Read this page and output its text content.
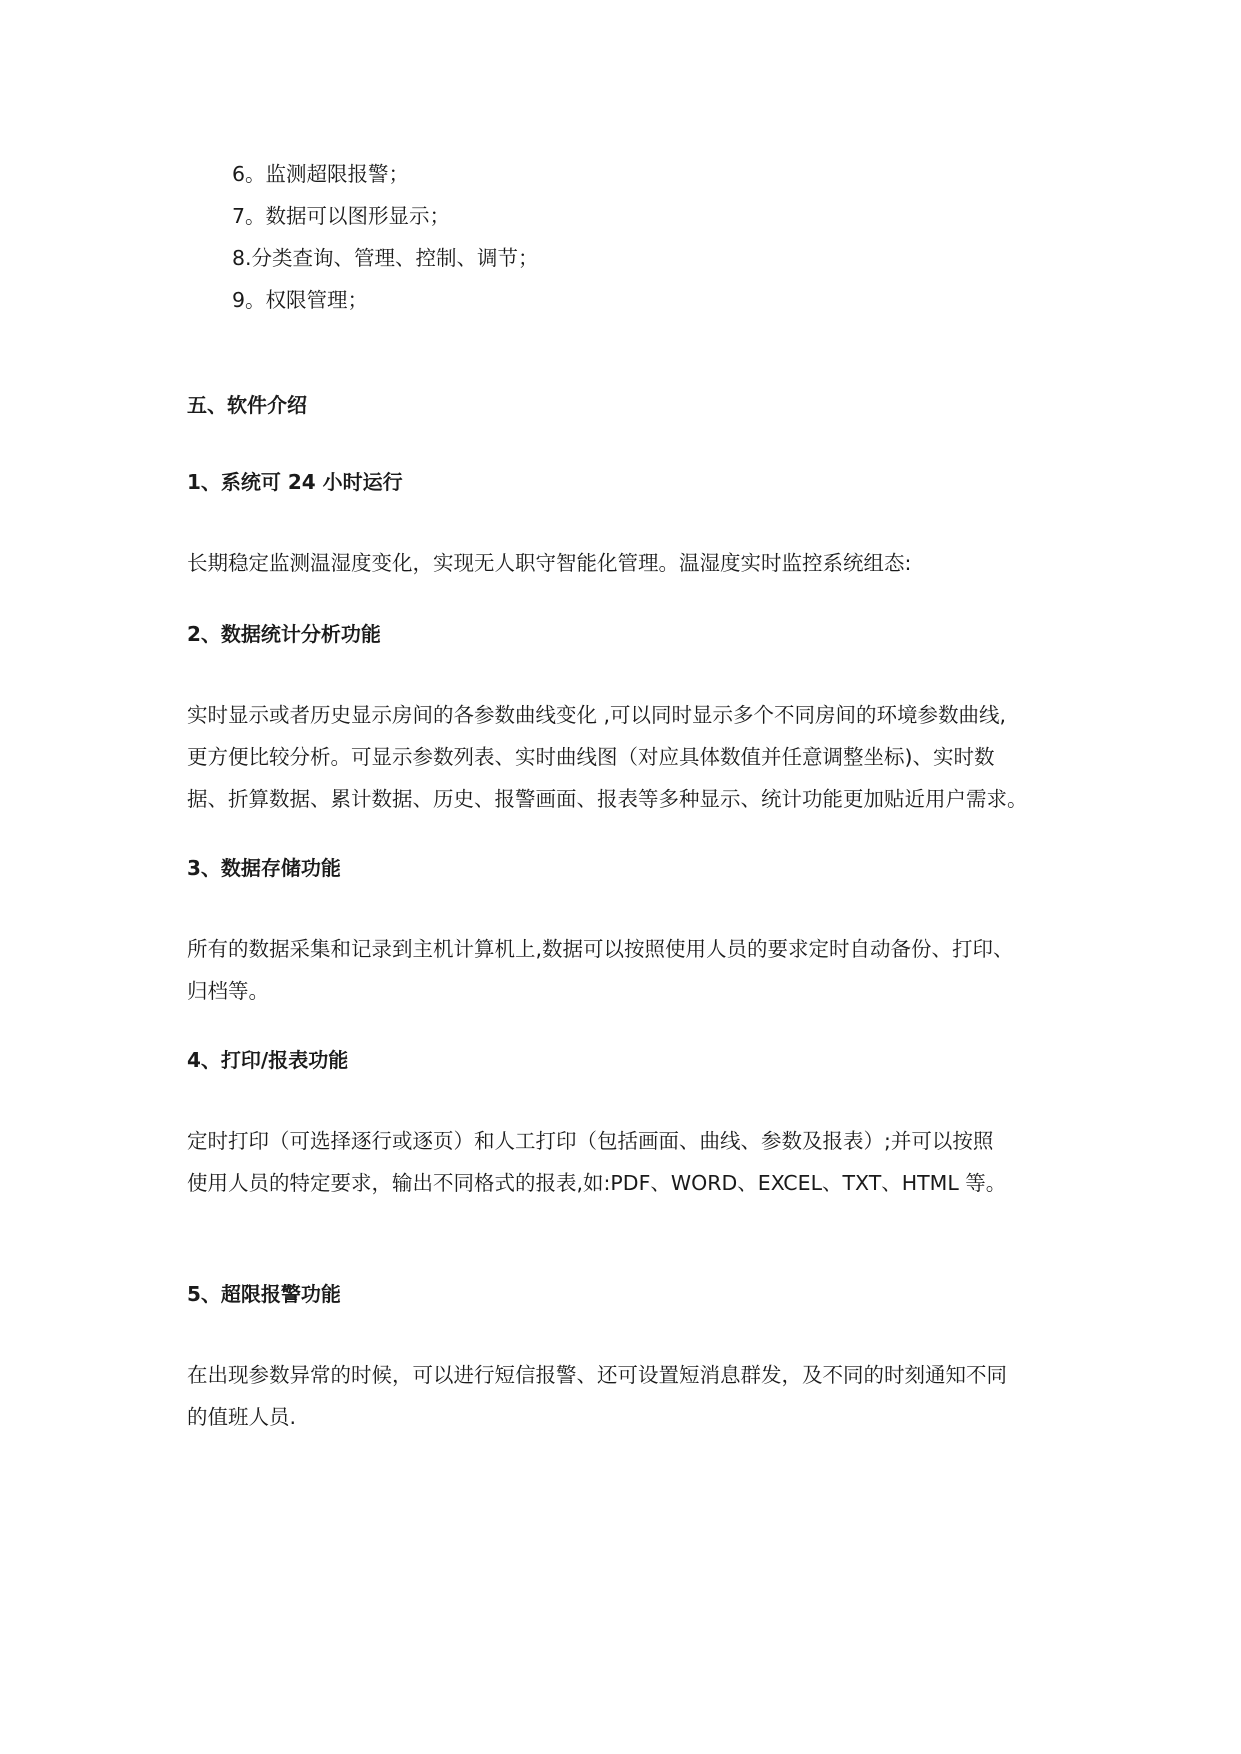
6。监测超限报警；
7。数据可以图形显示；
8.分类查询、管理、控制、调节；
9。权限管理；
五、软件介绍
1、系统可 24 小时运行
长期稳定监测温湿度变化，实现无人职守智能化管理。温湿度实时监控系统组态:
2、数据统计分析功能
实时显示或者历史显示房间的各参数曲线变化 ,可以同时显示多个不同房间的环境参数曲线,
更方便比较分析。可显示参数列表、实时曲线图（对应具体数值并任意调整坐标)、实时数
据、折算数据、累计数据、历史、报警画面、报表等多种显示、统计功能更加贴近用户需求。
3、数据存储功能
所有的数据采集和记录到主机计算机上,数据可以按照使用人员的要求定时自动备份、打印、
归档等。
4、打印/报表功能
定时打印（可选择逐行或逐页）和人工打印（包括画面、曲线、参数及报表）;并可以按照
使用人员的特定要求，输出不同格式的报表,如:PDF、WORD、EXCEL、TXT、HTML 等。
5、超限报警功能
在出现参数异常的时候，可以进行短信报警、还可设置短消息群发，及不同的时刻通知不同
的值班人员.
